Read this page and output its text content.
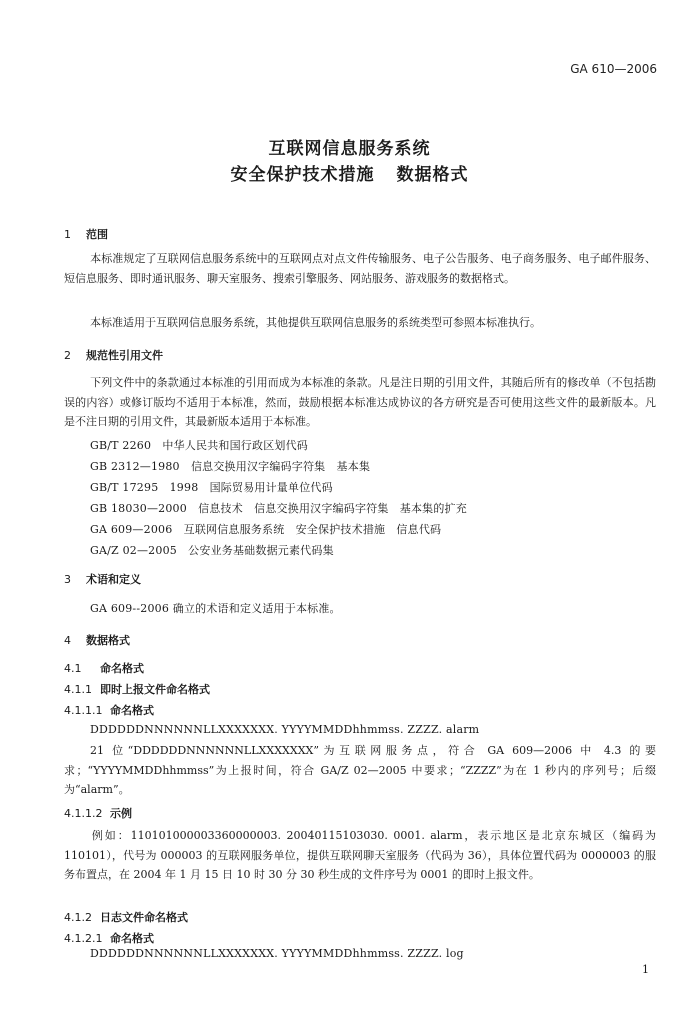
GA 610—2006
互联网信息服务系统
安全保护技术措施 数据格式
1 范围
本标准规定了互联网信息服务系统中的互联网点对点文件传输服务、电子公告服务、电子商务服务、电子邮件服务、短信息服务、即时通讯服务、聊天室服务、搜索引擎服务、网站服务、游戏服务的数据格式。
本标准适用于互联网信息服务系统，其他提供互联网信息服务的系统类型可参照本标准执行。
2 规范性引用文件
下列文件中的条款通过本标准的引用而成为本标准的条款。凡是注日期的引用文件，其随后所有的修改单（不包括勘误的内容）或修订版均不适用于本标准，然而，鼓励根据本标准达成协议的各方研究是否可使用这些文件的最新版本。凡是不注日期的引用文件，其最新版本适用于本标准。
GB/T 2260　中华人民共和国行政区划代码
GB 2312—1980　信息交换用汉字编码字符集　基本集
GB/T 17295　1998　国际贸易用计量单位代码
GB 18030—2000　信息技术　信息交换用汉字编码字符集　基本集的扩充
GA 609—2006　互联网信息服务系统　安全保护技术措施　信息代码
GA/Z 02—2005　公安业务基础数据元素代码集
3 术语和定义
GA 609--2006 确立的术语和定义适用于本标准。
4 数据格式
4.1 命名格式
4.1.1 即时上报文件命名格式
4.1.1.1 命名格式
DDDDDDNNNNNNLLXXXXXXX. YYYYMMDDhhmmss. ZZZZ. alarm
21 位“DDDDDDNNNNNNLLXXXXXXX”为互联网服务点，符合 GA 609—2006 中 4.3 的要求；“YYYYMMDDhhmmss”为上报时间，符合 GA/Z 02—2005 中要求；“ZZZZ”为在 1 秒内的序列号；后缀为“alarm”。
4.1.1.2 示例
例如：110101000003360000003. 20040115103030. 0001. alarm，表示地区是北京东城区（编码为 110101），代号为 000003 的互联网服务单位，提供互联网聊天室服务（代码为 36），具体位置代码为 0000003 的服务布置点，在 2004 年 1 月 15 日 10 时 30 分 30 秒生成的文件序号为 0001 的即时上报文件。
4.1.2 日志文件命名格式
4.1.2.1 命名格式
DDDDDDNNNNNNLLXXXXXXX. YYYYMMDDhhmmss. ZZZZ. log
1
